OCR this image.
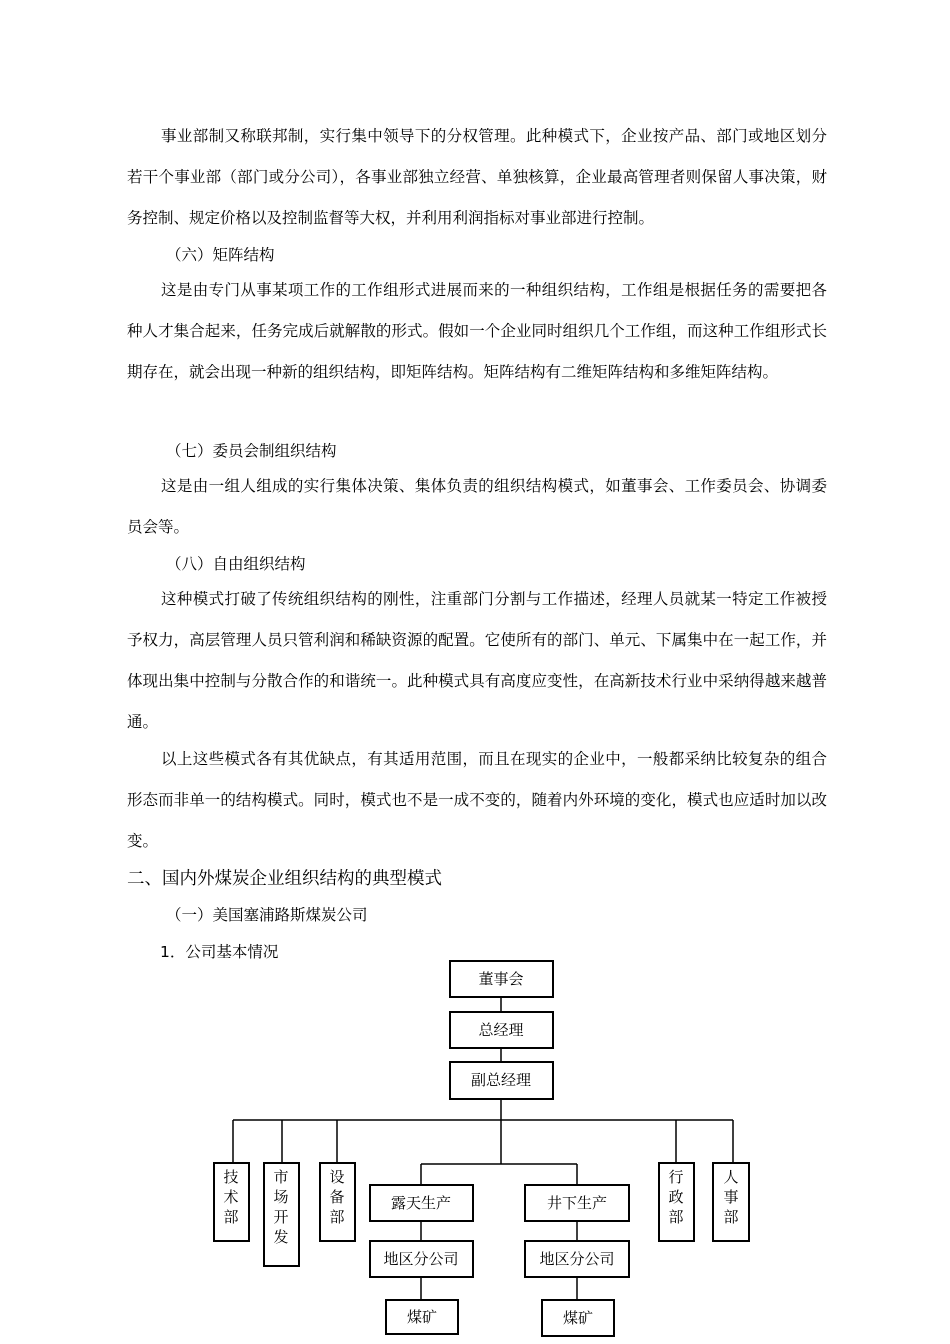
事业部制又称联邦制，实行集中领导下的分权管理。此种模式下，企业按产品、部门或地区划分若干个事业部（部门或分公司），各事业部独立经营、单独核算，企业最高管理者则保留人事决策，财务控制、规定价格以及控制监督等大权，并利用利润指标对事业部进行控制。

（六）矩阵结构

这是由专门从事某项工作的工作组形式进展而来的一种组织结构，工作组是根据任务的需要把各种人才集合起来，任务完成后就解散的形式。假如一个企业同时组织几个工作组，而这种工作组形式长期存在，就会出现一种新的组织结构，即矩阵结构。矩阵结构有二维矩阵结构和多维矩阵结构。

（七）委员会制组织结构

这是由一组人组成的实行集体决策、集体负责的组织结构模式，如董事会、工作委员会、协调委员会等。

（八）自由组织结构

这种模式打破了传统组织结构的刚性，注重部门分割与工作描述，经理人员就某一特定工作被授予权力，高层管理人员只管利润和稀缺资源的配置。它使所有的部门、单元、下属集中在一起工作，并体现出集中控制与分散合作的和谐统一。此种模式具有高度应变性，在高新技术行业中采纳得越来越普通。

以上这些模式各有其优缺点，有其适用范围，而且在现实的企业中，一般都采纳比较复杂的组合形态而非单一的结构模式。同时，模式也不是一成不变的，随着内外环境的变化，模式也应适时加以改变。

二、国内外煤炭企业组织结构的典型模式

（一）美国塞浦路斯煤炭公司

1．公司基本情况

董事会
总经理
副总经理
技
术
部
市
场
开
发
设
备
部
露天生产	井下生产
地区分公司	地区分公司
煤矿	煤矿
行
政
部
人
事
部
